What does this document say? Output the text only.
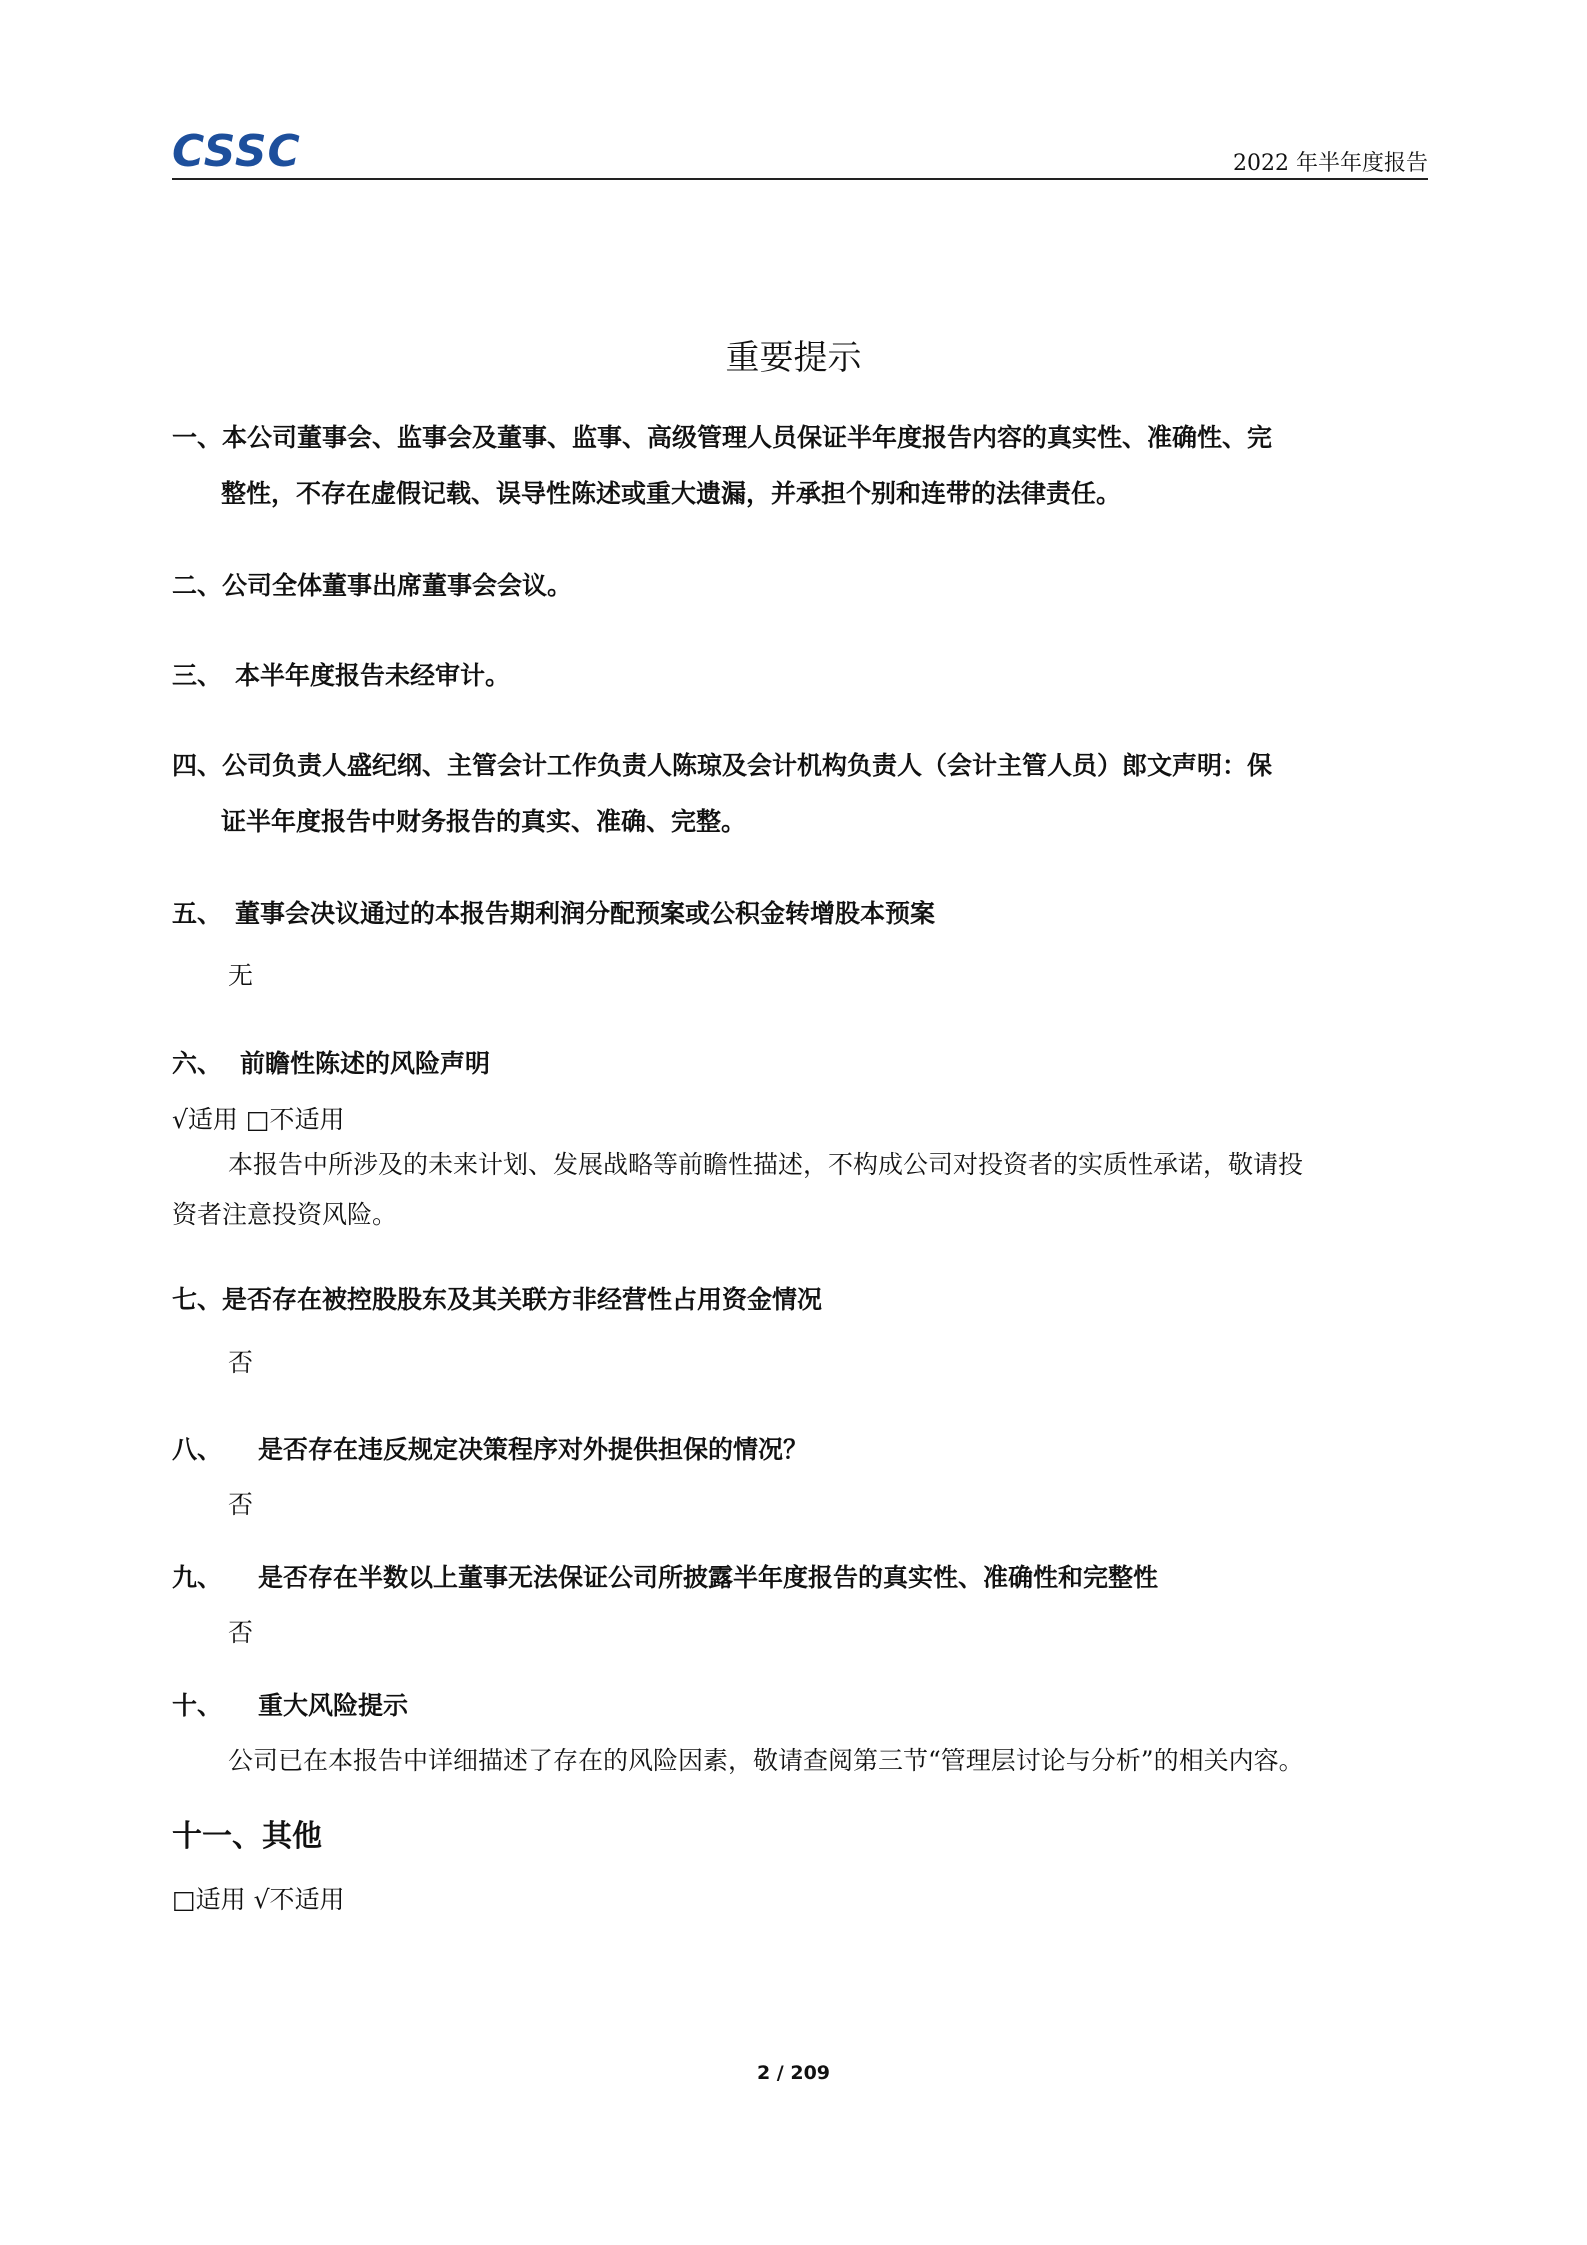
CSSC	2022 年半年度报告
重要提示
一、本公司董事会、监事会及董事、监事、高级管理人员保证半年度报告内容的真实性、准确性、完
整性，不存在虚假记载、误导性陈述或重大遗漏，并承担个别和连带的法律责任。
二、公司全体董事出席董事会会议。
三、 本半年度报告未经审计。
四、公司负责人盛纪纲、主管会计工作负责人陈琼及会计机构负责人（会计主管人员）郎文声明：保
证半年度报告中财务报告的真实、准确、完整。
五、 董事会决议通过的本报告期利润分配预案或公积金转增股本预案
无
六、 前瞻性陈述的风险声明
√适用 □不适用
本报告中所涉及的未来计划、发展战略等前瞻性描述，不构成公司对投资者的实质性承诺，敬请投
资者注意投资风险。
七、是否存在被控股股东及其关联方非经营性占用资金情况
否
八、 是否存在违反规定决策程序对外提供担保的情况？
否
九、 是否存在半数以上董事无法保证公司所披露半年度报告的真实性、准确性和完整性
否
十、 重大风险提示
公司已在本报告中详细描述了存在的风险因素，敬请查阅第三节“管理层讨论与分析”的相关内容。
十一、其他
□适用 √不适用
2 / 209
